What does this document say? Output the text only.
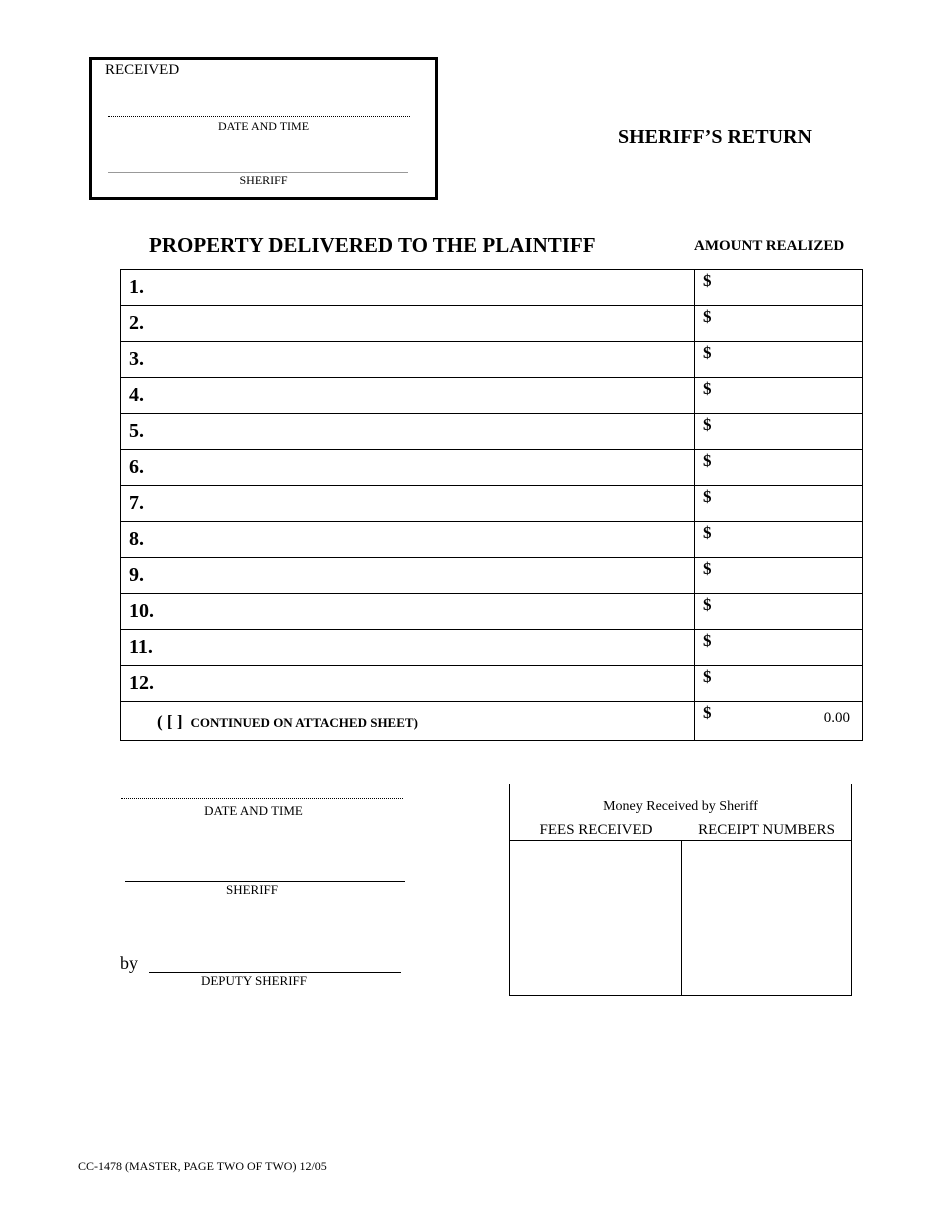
RECEIVED
DATE AND TIME
SHERIFF
SHERIFF’S RETURN
PROPERTY DELIVERED TO THE PLAINTIFF	AMOUNT REALIZED
1.	$

2.	$

3.	$

4.	$

5.	$

6.	$

7.	$

8.	$

9.	$

10.	$

11.	$

12.	$

( [ ] CONTINUED ON ATTACHED SHEET)	$ 0.00
DATE AND TIME
SHERIFF
by
DEPUTY SHERIFF
Money Received by Sheriff
FEES RECEIVED	RECEIPT NUMBERS
CC-1478 (MASTER, PAGE TWO OF TWO) 12/05
